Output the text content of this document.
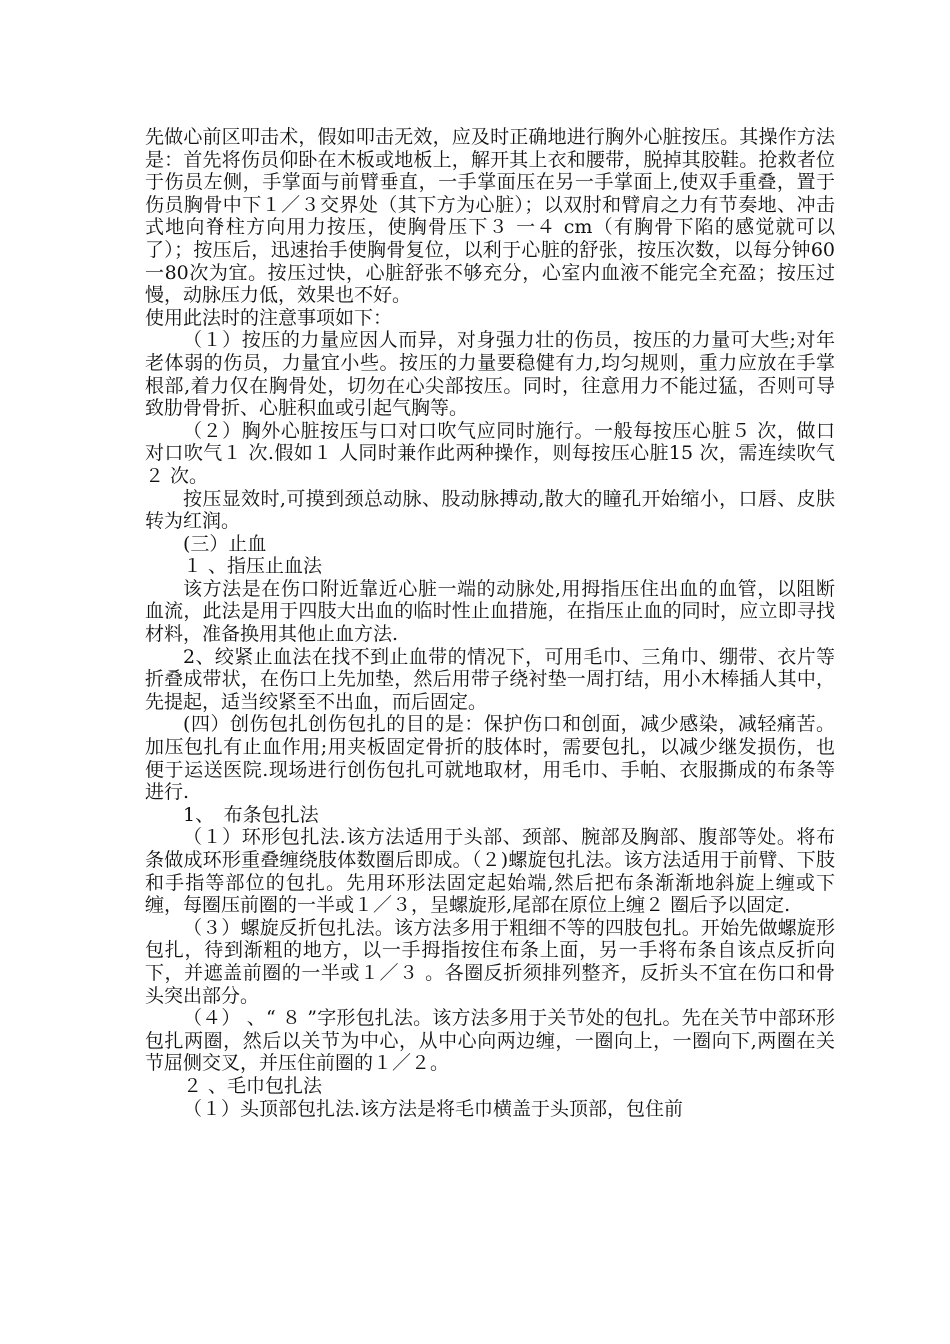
先做心前区叩击术，假如叩击无效，应及时正确地进行胸外心脏按压。其操作方法是：首先将伤员仰卧在木板或地板上，解开其上衣和腰带，脱掉其胶鞋。抢救者位于伤员左侧，手掌面与前臂垂直，一手掌面压在另一手掌面上,使双手重叠，置于伤员胸骨中下１／３交界处（其下方为心脏）；以双肘和臂肩之力有节奏地、冲击式地向脊柱方向用力按压，使胸骨压下３ 一４ cm（有胸骨下陷的感觉就可以了）；按压后，迅速抬手使胸骨复位，以利于心脏的舒张，按压次数，以每分钟60 一80次为宜。按压过快，心脏舒张不够充分，心室内血液不能完全充盈；按压过慢，动脉压力低，效果也不好。

使用此法时的注意事项如下：

（１）按压的力量应因人而异，对身强力壮的伤员，按压的力量可大些;对年老体弱的伤员，力量宜小些。按压的力量要稳健有力,均匀规则，重力应放在手掌根部,着力仅在胸骨处，切勿在心尖部按压。同时，往意用力不能过猛，否则可导致肋骨骨折、心脏积血或引起气胸等。

（２）胸外心脏按压与口对口吹气应同时施行。一般每按压心脏５ 次，做口对口吹气１ 次.假如１ 人同时兼作此两种操作，则每按压心脏15 次，需连续吹气２ 次。

按压显效时,可摸到颈总动脉、股动脉搏动,散大的瞳孔开始缩小，口唇、皮肤转为红润。

(三）止血

１ 、指压止血法

该方法是在伤口附近靠近心脏一端的动脉处,用拇指压住出血的血管，以阻断血流，此法是用于四肢大出血的临时性止血措施，在指压止血的同时，应立即寻找材料，准备换用其他止血方法.

2、绞紧止血法在找不到止血带的情况下，可用毛巾、三角巾、绷带、衣片等折叠成带状，在伤口上先加垫，然后用带子绕衬垫一周打结，用小木棒插人其中，先提起，适当绞紧至不出血，而后固定。

(四）创伤包扎创伤包扎的目的是：保护伤口和创面，减少感染，减轻痛苦。加压包扎有止血作用;用夹板固定骨折的肢体时，需要包扎，以减少继发损伤，也便于运送医院.现场进行创伤包扎可就地取材，用毛巾、手帕、衣服撕成的布条等进行.

1、　布条包扎法

（１）环形包扎法.该方法适用于头部、颈部、腕部及胸部、腹部等处。将布条做成环形重叠缠绕肢体数圈后即成。（２)螺旋包扎法。该方法适用于前臂、下肢和手指等部位的包扎。先用环形法固定起始端,然后把布条渐渐地斜旋上缠或下缠，每圈压前圈的一半或１／３，呈螺旋形,尾部在原位上缠２ 圈后予以固定.

（３）螺旋反折包扎法。该方法多用于粗细不等的四肢包扎。开始先做螺旋形包扎，待到渐粗的地方，以一手拇指按住布条上面，另一手将布条自该点反折向下，并遮盖前圈的一半或１／３ 。各圈反折须排列整齐，反折头不宜在伤口和骨头突出部分。

（４） 、“ ８ ”字形包扎法。该方法多用于关节处的包扎。先在关节中部环形包扎两圈，然后以关节为中心，从中心向两边缠，一圈向上，一圈向下,两圈在关节屈侧交叉，并压住前圈的１／２。

２ 、毛巾包扎法

（１）头顶部包扎法.该方法是将毛巾横盖于头顶部，包住前
